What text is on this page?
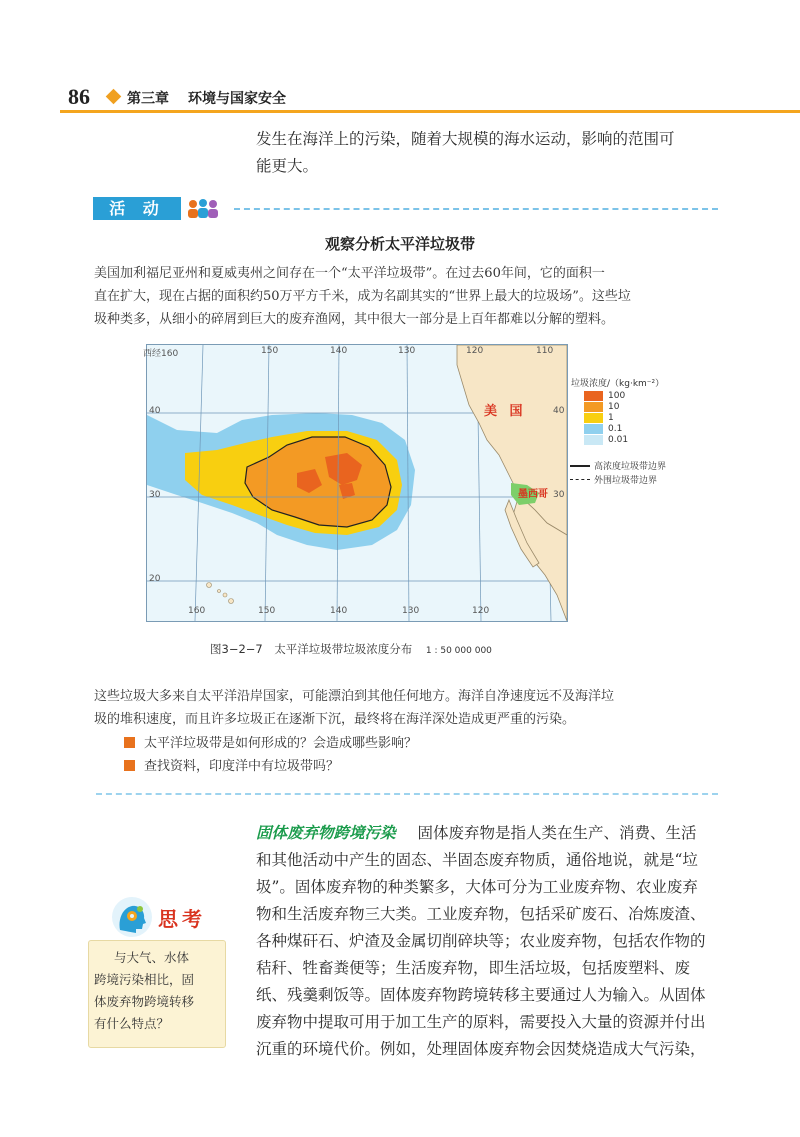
86	第三章 环境与国家安全
发生在海洋上的污染，随着大规模的海水运动，影响的范围可
能更大。
活 动
观察分析太平洋垃圾带
美国加利福尼亚州和夏威夷州之间存在一个“太平洋垃圾带”。在过去60年间，它的面积一
直在扩大，现在占据的面积约50万平方千米，成为名副其实的“世界上最大的垃圾场”。这些垃
圾种类多，从细小的碎屑到巨大的废弃渔网，其中很大一部分是上百年都难以分解的塑料。
西经160	150	140	130	120	110
160	150	140	130	120
40
30
20
40
30
美 国
墨西哥
垃圾浓度/（kg·km⁻²）
100
10
1
0.1
0.01
高浓度垃圾带边界
外围垃圾带边界
图3−2−7　太平洋垃圾带垃圾浓度分布 1 : 50 000 000
这些垃圾大多来自太平洋沿岸国家，可能漂泊到其他任何地方。海洋自净速度远不及海洋垃
圾的堆积速度，而且许多垃圾正在逐渐下沉，最终将在海洋深处造成更严重的污染。
太平洋垃圾带是如何形成的？会造成哪些影响？
查找资料，印度洋中有垃圾带吗？
固体废弃物跨境污染 固体废弃物是指人类在生产、消费、生活
和其他活动中产生的固态、半固态废弃物质，通俗地说，就是“垃
圾”。固体废弃物的种类繁多，大体可分为工业废弃物、农业废弃
物和生活废弃物三大类。工业废弃物，包括采矿废石、冶炼废渣、
各种煤矸石、炉渣及金属切削碎块等；农业废弃物，包括农作物的
秸秆、牲畜粪便等；生活废弃物，即生活垃圾，包括废塑料、废
纸、残羹剩饭等。固体废弃物跨境转移主要通过人为输入。从固体
废弃物中提取可用于加工生产的原料，需要投入大量的资源并付出
沉重的环境代价。例如，处理固体废弃物会因焚烧造成大气污染，
思考
与大气、水体
跨境污染相比，固
体废弃物跨境转移
有什么特点？
